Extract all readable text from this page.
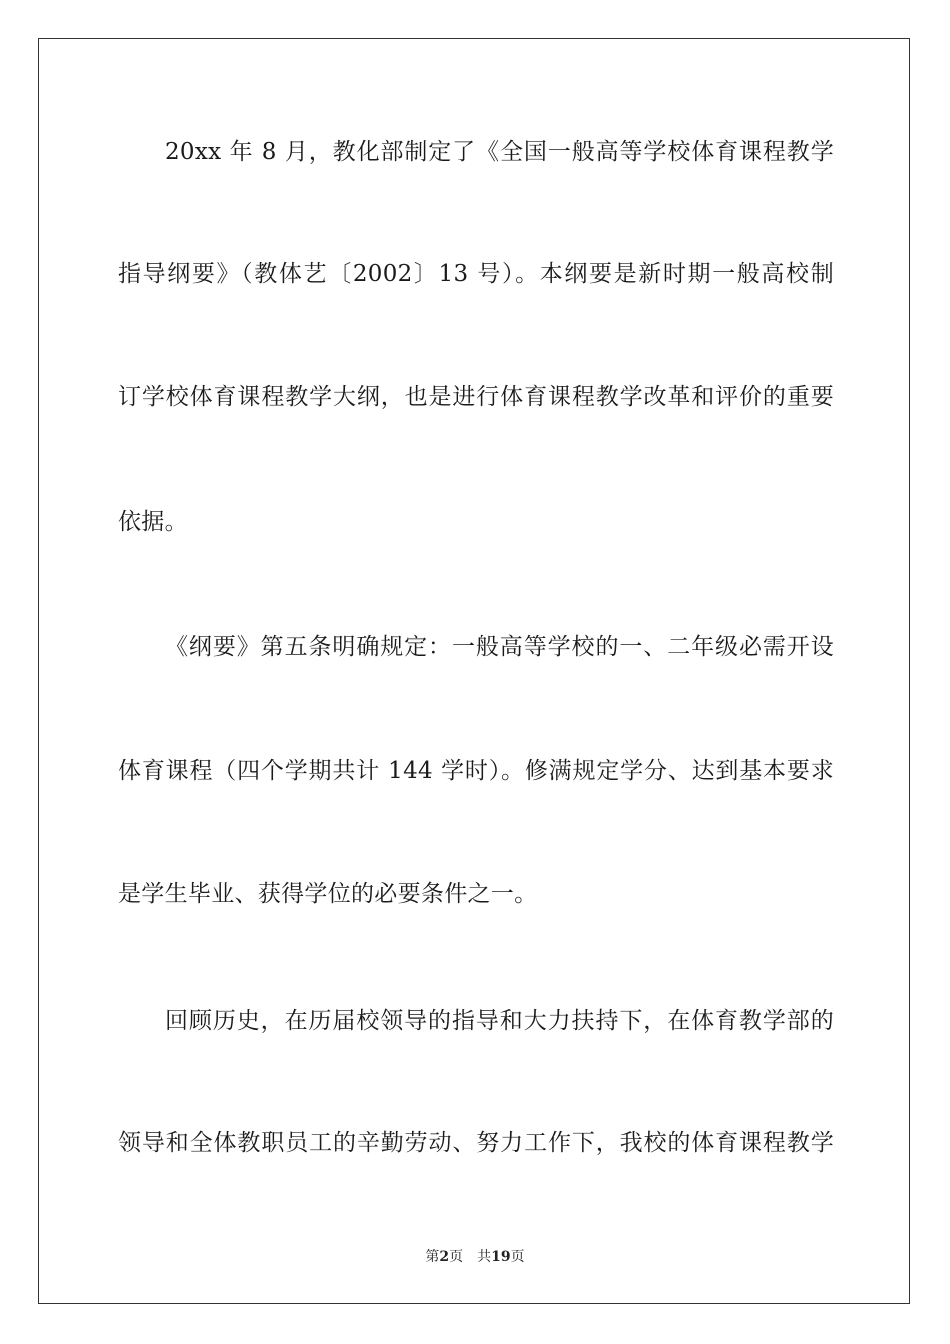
20xx 年 8 月，教化部制定了《全国一般高等学校体育课程教学
指导纲要》（教体艺〔2002〕13 号）。本纲要是新时期一般高校制
订学校体育课程教学大纲，也是进行体育课程教学改革和评价的重要
依据。
《纲要》第五条明确规定：一般高等学校的一、二年级必需开设
体育课程（四个学期共计 144 学时）。修满规定学分、达到基本要求
是学生毕业、获得学位的必要条件之一。
回顾历史，在历届校领导的指导和大力扶持下，在体育教学部的
领导和全体教职员工的辛勤劳动、努力工作下，我校的体育课程教学
第2页 共19页
